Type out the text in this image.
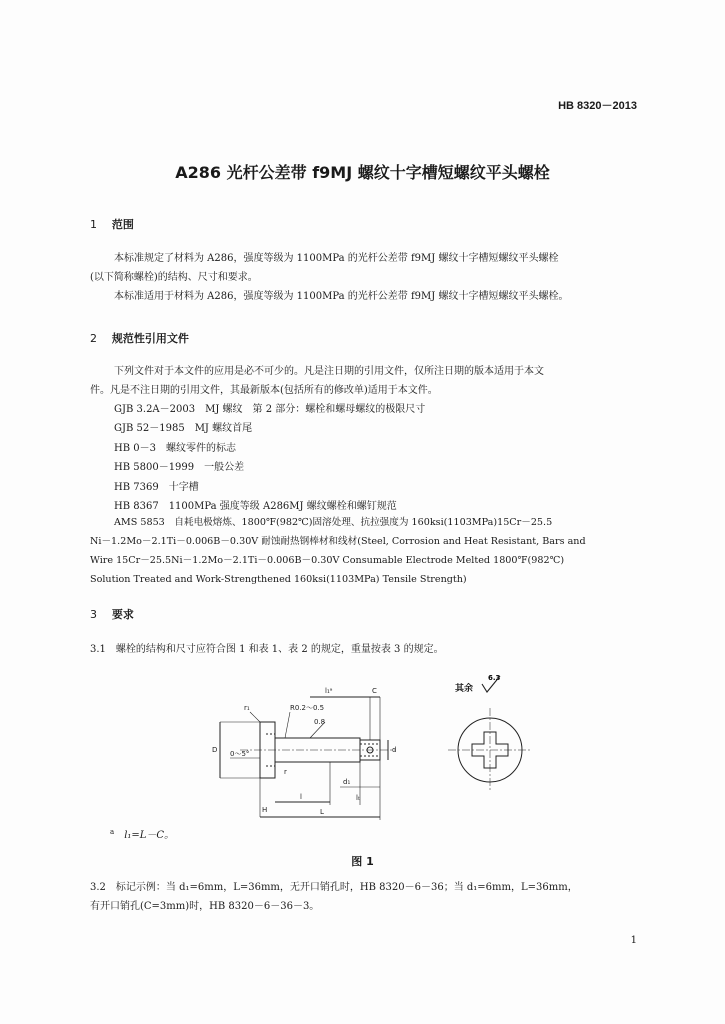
HB 8320－2013
A286 光杆公差带 f9MJ 螺纹十字槽短螺纹平头螺栓
1 范围
本标准规定了材料为 A286，强度等级为 1100MPa 的光杆公差带 f9MJ 螺纹十字槽短螺纹平头螺栓
(以下简称螺栓)的结构、尺寸和要求。
本标准适用于材料为 A286，强度等级为 1100MPa 的光杆公差带 f9MJ 螺纹十字槽短螺纹平头螺栓。
2 规范性引用文件
下列文件对于本文件的应用是必不可少的。凡是注日期的引用文件，仅所注日期的版本适用于本文
件。凡是不注日期的引用文件，其最新版本(包括所有的修改单)适用于本文件。
GJB 3.2A－2003　MJ 螺纹　第 2 部分：螺栓和螺母螺纹的极限尺寸
GJB 52－1985　MJ 螺纹首尾
HB 0－3　螺纹零件的标志
HB 5800－1999　一般公差
HB 7369　十字槽
HB 8367　1100MPa 强度等级 A286MJ 螺纹螺栓和螺钉规范
AMS 5853　自耗电极熔炼、1800℉(982℃)固溶处理、抗拉强度为 160ksi(1103MPa)15Cr－25.5
Ni－1.2Mo－2.1Ti－0.006B－0.30V 耐蚀耐热钢棒材和线材(Steel, Corrosion and Heat Resistant, Bars and
Wire 15Cr－25.5Ni－1.2Mo－2.1Ti－0.006B－0.30V Consumable Electrode Melted 1800℉(982℃)
Solution Treated and Work-Strengthened 160ksi(1103MPa) Tensile Strength)
3 要求
3.1　螺栓的结构和尺寸应符合图 1 和表 1、表 2 的规定，重量按表 3 的规定。
其余
6.3
l₁ᵃ	C
r₁	R0.2～0.5
0.8
0～5°
D	d
d₁
r
l
L
H
lₜ
$^a$ l₁=L－C。
图 1
3.2　标记示例：当 d₁=6mm，L=36mm，无开口销孔时，HB 8320－6－36；当 d₁=6mm，L=36mm，
有开口销孔(C=3mm)时，HB 8320－6－36－3。
1
